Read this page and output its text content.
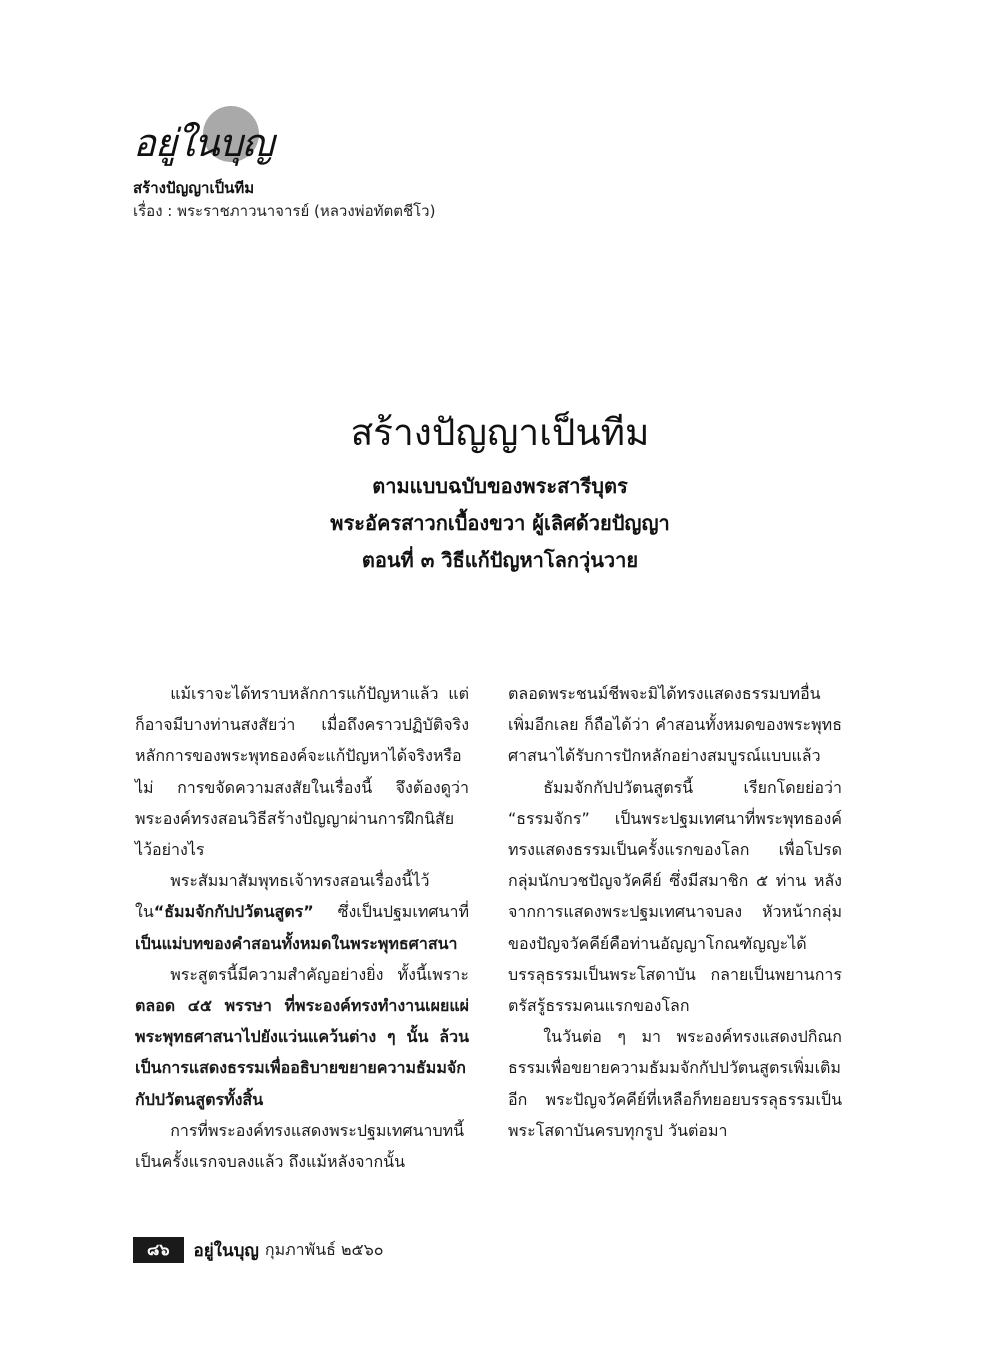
อยู่ในบุญ
สร้างปัญญาเป็นทีม
เรื่อง : พระราชภาวนาจารย์ (หลวงพ่อทัตตชีโว)
สร้างปัญญาเป็นทีม

ตามแบบฉบับของพระสารีบุตร

พระอัครสาวกเบื้องขวา ผู้เลิศด้วยปัญญา

ตอนที่ ๓ วิธีแก้ปัญหาโลกวุ่นวาย

แม้เราจะได้ทราบหลักการแก้ปัญหาแล้ว แต่ก็อาจมีบางท่านสงสัยว่า เมื่อถึงคราวปฏิบัติจริง หลักการของพระพุทธองค์จะแก้ปัญหาได้จริงหรือไม่ การขจัดความสงสัยในเรื่องนี้ จึงต้องดูว่า พระองค์ทรงสอนวิธีสร้างปัญญาผ่านการฝึกนิสัยไว้อย่างไร

พระสัมมาสัมพุทธเจ้าทรงสอนเรื่องนี้ไว้ใน“ธัมมจักกัปปวัตนสูตร” ซึ่งเป็นปฐมเทศนาที่เป็นแม่บทของคำสอนทั้งหมดในพระพุทธศาสนา

พระสูตรนี้มีความสำคัญอย่างยิ่ง ทั้งนี้เพราะ ตลอด ๔๕ พรรษา ที่พระองค์ทรงทำงานเผยแผ่พระพุทธศาสนาไปยังแว่นแคว้นต่าง ๆ นั้น ล้วนเป็นการแสดงธรรมเพื่ออธิบายขยายความธัมมจักกัปปวัตนสูตรทั้งสิ้น

การที่พระองค์ทรงแสดงพระปฐมเทศนาบทนี้เป็นครั้งแรกจบลงแล้ว ถึงแม้หลังจากนั้น

ตลอดพระชนม์ชีพจะมิได้ทรงแสดงธรรมบทอื่นเพิ่มอีกเลย ก็ถือได้ว่า คำสอนทั้งหมดของพระพุทธศาสนาได้รับการปักหลักอย่างสมบูรณ์แบบแล้ว

ธัมมจักกัปปวัตนสูตรนี้ เรียกโดยย่อว่า “ธรรมจักร” เป็นพระปฐมเทศนาที่พระพุทธองค์ทรงแสดงธรรมเป็นครั้งแรกของโลก เพื่อโปรดกลุ่มนักบวชปัญจวัคคีย์ ซึ่งมีสมาชิก ๕ ท่าน หลังจากการแสดงพระปฐมเทศนาจบลง หัวหน้ากลุ่มของปัญจวัคคีย์คือท่านอัญญาโกณฑัญญะได้บรรลุธรรมเป็นพระโสดาบัน กลายเป็นพยานการตรัสรู้ธรรมคนแรกของโลก

ในวันต่อ ๆ มา พระองค์ทรงแสดงปกิณกธรรมเพื่อขยายความธัมมจักกัปปวัตนสูตรเพิ่มเติมอีก พระปัญจวัคคีย์ที่เหลือก็ทยอยบรรลุธรรมเป็นพระโสดาบันครบทุกรูป วันต่อมา

๘๖	อยู่ในบุญ กุมภาพันธ์ ๒๕๖๐
